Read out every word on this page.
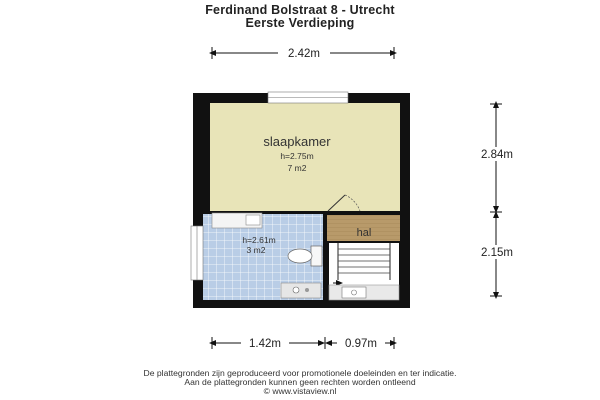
Ferdinand Bolstraat 8 - Utrecht
Eerste Verdieping
slaapkamer
h=2.75m
7 m2
h=2.61m
3 m2
hal
2.42m
2.84m
2.15m
1.42m	0.97m
De plattegronden zijn geproduceerd voor promotionele doeleinden en ter indicatie.
Aan de plattegronden kunnen geen rechten worden ontleend
© www.vistaview.nl
